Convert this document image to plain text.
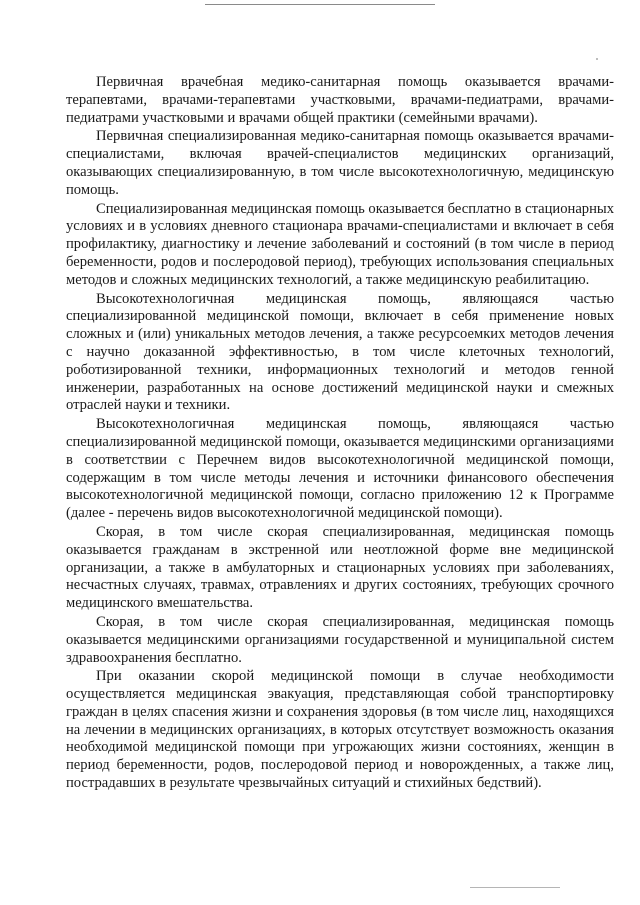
Первичная врачебная медико-санитарная помощь оказывается врачами-терапевтами, врачами-терапевтами участковыми, врачами-педиатрами, врачами-педиатрами участковыми и врачами общей практики (семейными врачами).

Первичная специализированная медико-санитарная помощь оказывается врачами-специалистами, включая врачей-специалистов медицинских организаций, оказывающих специализированную, в том числе высокотехнологичную, медицинскую помощь.

Специализированная медицинская помощь оказывается бесплатно в стационарных условиях и в условиях дневного стационара врачами-специалистами и включает в себя профилактику, диагностику и лечение заболеваний и состояний (в том числе в период беременности, родов и послеродовой период), требующих использования специальных методов и сложных медицинских технологий, а также медицинскую реабилитацию.

Высокотехнологичная медицинская помощь, являющаяся частью специализированной медицинской помощи, включает в себя применение новых сложных и (или) уникальных методов лечения, а также ресурсоемких методов лечения с научно доказанной эффективностью, в том числе клеточных технологий, роботизированной техники, информационных технологий и методов генной инженерии, разработанных на основе достижений медицинской науки и смежных отраслей науки и техники.

Высокотехнологичная медицинская помощь, являющаяся частью специализированной медицинской помощи, оказывается медицинскими организациями в соответствии с Перечнем видов высокотехнологичной медицинской помощи, содержащим в том числе методы лечения и источники финансового обеспечения высокотехнологичной медицинской помощи, согласно приложению 12 к Программе (далее - перечень видов высокотехнологичной медицинской помощи).

Скорая, в том числе скорая специализированная, медицинская помощь оказывается гражданам в экстренной или неотложной форме вне медицинской организации, а также в амбулаторных и стационарных условиях при заболеваниях, несчастных случаях, травмах, отравлениях и других состояниях, требующих срочного медицинского вмешательства.

Скорая, в том числе скорая специализированная, медицинская помощь оказывается медицинскими организациями государственной и муниципальной систем здравоохранения бесплатно.

При оказании скорой медицинской помощи в случае необходимости осуществляется медицинская эвакуация, представляющая собой транспортировку граждан в целях спасения жизни и сохранения здоровья (в том числе лиц, находящихся на лечении в медицинских организациях, в которых отсутствует возможность оказания необходимой медицинской помощи при угрожающих жизни состояниях, женщин в период беременности, родов, послеродовой период и новорожденных, а также лиц, пострадавших в результате чрезвычайных ситуаций и стихийных бедствий).
